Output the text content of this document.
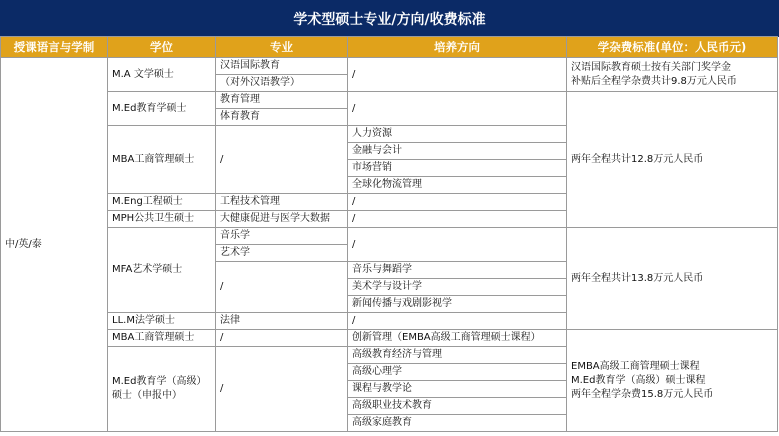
学术型硕士专业/方向/收费标准
授课语言与学制	学位	专业	培养方向	学杂费标准(单位：人民币元)
中/英/泰	M.A 文学硕士	汉语国际教育	/	汉语国际教育硕士按有关部门奖学金
补贴后全程学杂费共计9.8万元人民币

		（对外汉语教学）		
	M.Ed教育学硕士	教育管理	/	两年全程共计12.8万元人民币
		体育教育		
	MBA工商管理硕士	/	人力资源	
			金融与会计	
			市场营销	
			全球化物流管理	
	M.Eng工程硕士	工程技术管理	/	
	MPH公共卫生硕士	大健康促进与医学大数据	/	
	MFA艺术学硕士	音乐学	/	两年全程共计13.8万元人民币
		艺术学		
		/	音乐与舞蹈学	
			美术学与设计学	
			新闻传播与戏剧影视学	
	LL.M法学硕士	法律	/	
	MBA工商管理硕士	/	创新管理（EMBA高级工商管理硕士课程）	EMBA高级工商管理硕士课程
M.Ed教育学（高级）硕士课程
两年全程学杂费15.8万元人民币

	M.Ed教育学（高级）
硕士（申报中）	/	高级教育经济与管理	
			高级心理学	
			课程与教学论	
			高级职业技术教育	
			高级家庭教育	
